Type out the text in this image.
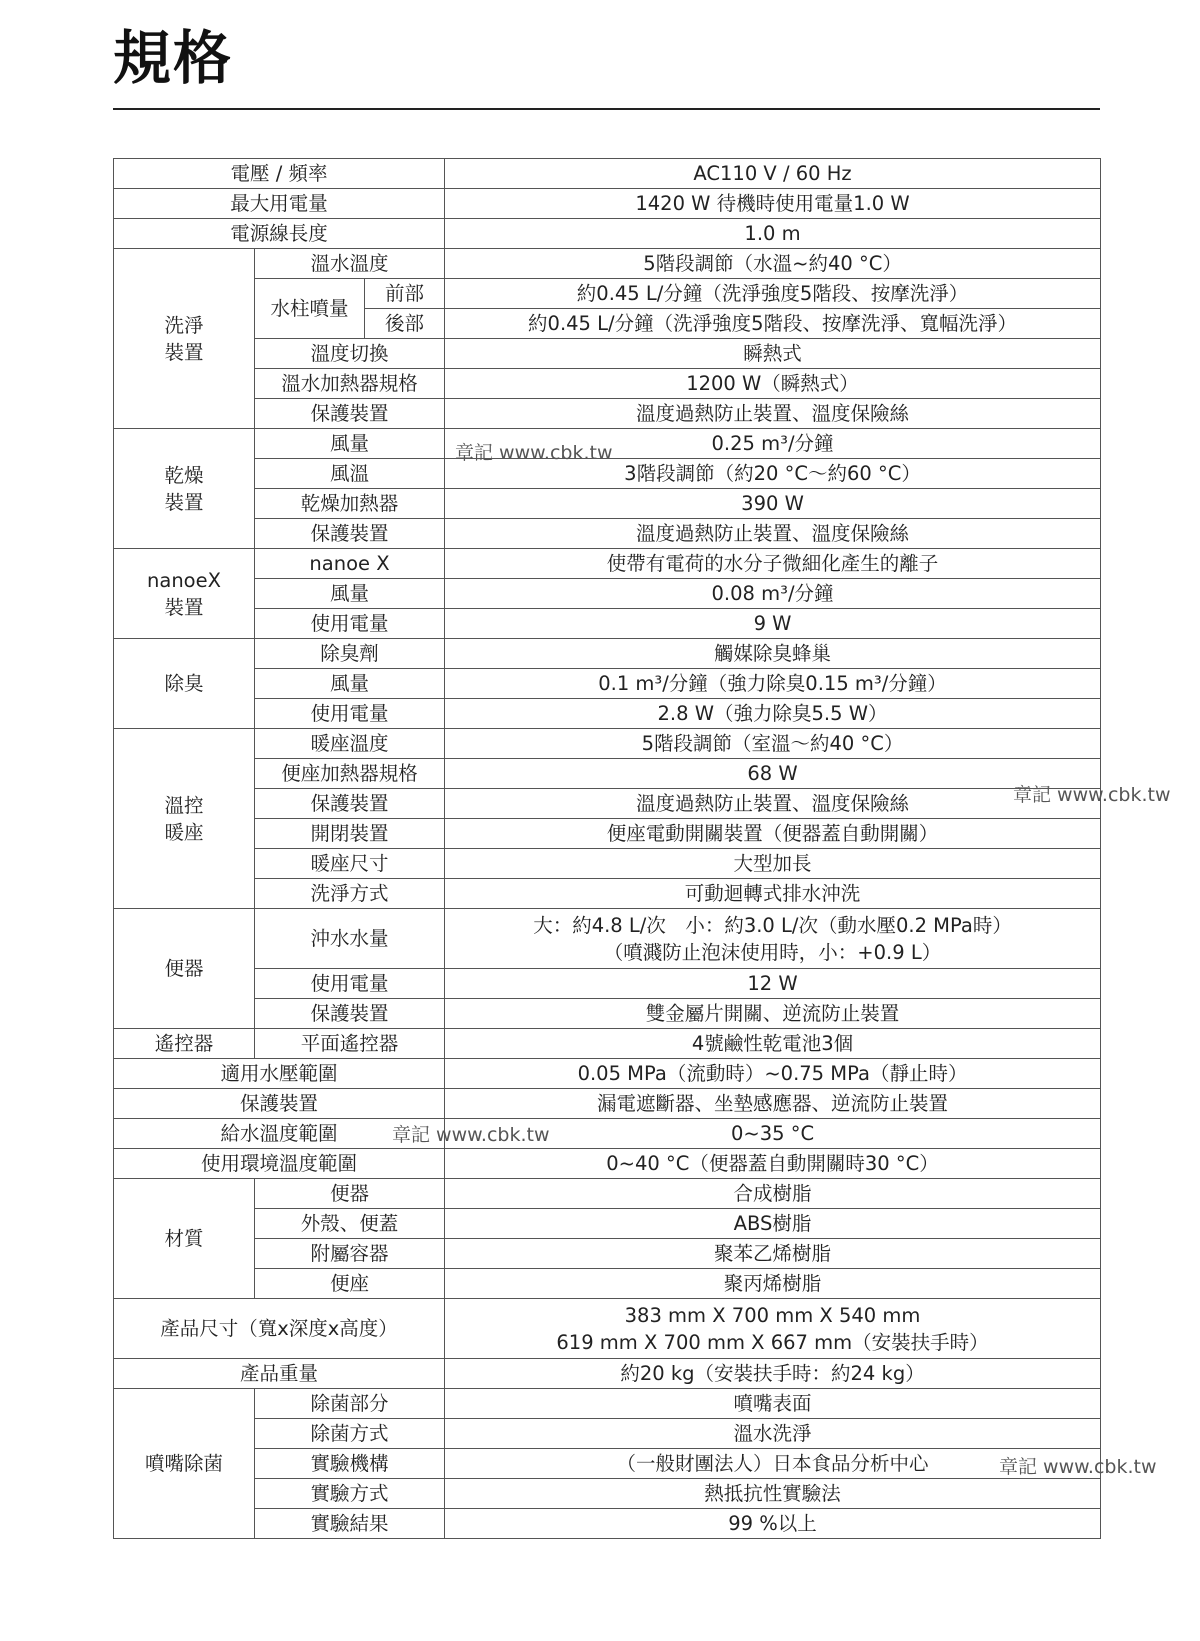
規格
電壓 / 頻率			AC110 V / 60 Hz
最大用電量			1420 W 待機時使用電量1.0 W
電源線長度			1.0 m
洗淨
裝置	溫水溫度		5階段調節（水溫~約40 °C）
	水柱噴量	前部	約0.45 L/分鐘（洗淨強度5階段、按摩洗淨）
		後部	約0.45 L/分鐘（洗淨強度5階段、按摩洗淨、寬幅洗淨）
	溫度切換		瞬熱式
	溫水加熱器規格		1200 W（瞬熱式）
	保護裝置		溫度過熱防止裝置、溫度保險絲
乾燥
裝置	風量		0.25 m³/分鐘
	風溫		3階段調節（約20 °C～約60 °C）
	乾燥加熱器		390 W
	保護裝置		溫度過熱防止裝置、溫度保險絲
nanoeX
裝置	nanoe X		使帶有電荷的水分子微細化產生的離子
	風量		0.08 m³/分鐘
	使用電量		9 W
除臭	除臭劑		觸媒除臭蜂巢
	風量		0.1 m³/分鐘（強力除臭0.15 m³/分鐘）
	使用電量		2.8 W（強力除臭5.5 W）
溫控
暖座	暖座溫度		5階段調節（室溫～約40 °C）
	便座加熱器規格		68 W
	保護裝置		溫度過熱防止裝置、溫度保險絲
	開閉裝置		便座電動開關裝置（便器蓋自動開關）
	暖座尺寸		大型加長
	洗淨方式		可動迴轉式排水沖洗
便器	沖水水量		大：約4.8 L/次　小：約3.0 L/次（動水壓0.2 MPa時）
（噴濺防止泡沫使用時，小：+0.9 L）
	使用電量		12 W
	保護裝置		雙金屬片開關、逆流防止裝置
遙控器	平面遙控器		4號鹼性乾電池3個
適用水壓範圍			0.05 MPa（流動時）~0.75 MPa（靜止時）
保護裝置			漏電遮斷器、坐墊感應器、逆流防止裝置
給水溫度範圍			0~35 °C
使用環境溫度範圍			0~40 °C（便器蓋自動開關時30 °C）
材質	便器		合成樹脂
	外殼、便蓋		ABS樹脂
	附屬容器		聚苯乙烯樹脂
	便座		聚丙烯樹脂
產品尺寸（寬x深度x高度）			383 mm X 700 mm X 540 mm
619 mm X 700 mm X 667 mm（安裝扶手時）
產品重量			約20 kg（安裝扶手時：約24 kg）
噴嘴除菌	除菌部分		噴嘴表面
	除菌方式		溫水洗淨
	實驗機構		（一般財團法人）日本食品分析中心
	實驗方式		熱抵抗性實驗法
	實驗結果		99 %以上
章記 www.cbk.tw
章記 www.cbk.tw
章記 www.cbk.tw
章記 www.cbk.tw
